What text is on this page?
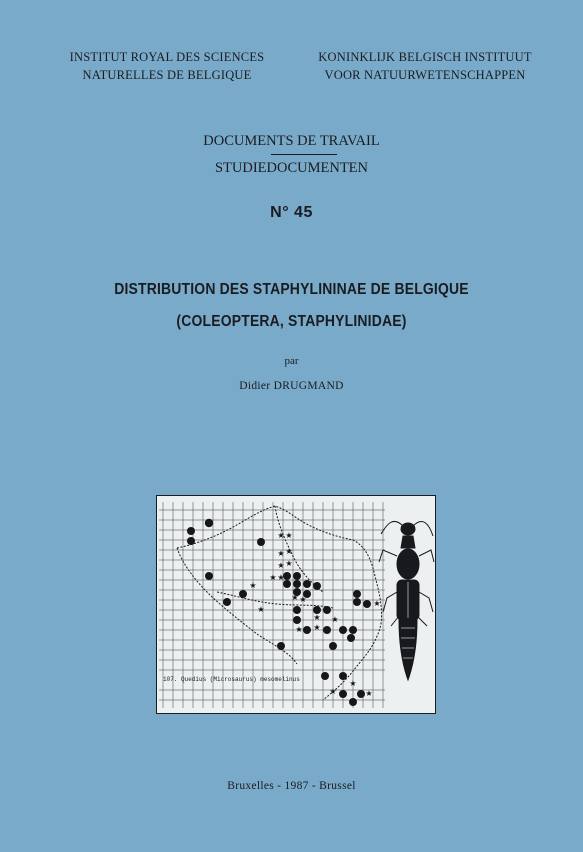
INSTITUT ROYAL DES SCIENCES
NATURELLES DE BELGIQUE
KONINKLIJK BELGISCH INSTITUUT
VOOR NATUURWETENSCHAPPEN
DOCUMENTS DE TRAVAIL
STUDIEDOCUMENTEN
N° 45
DISTRIBUTION DES STAPHYLININAE DE BELGIQUE
(COLEOPTERA, STAPHYLINIDAE)
par
Didier DRUGMAND
★ ★
★ ★
★ ★
★ ★
★ ★
★
★ ★
★
★
★
★
★
★
★
107. Quedius (Microsaurus) mesomelinus
Bruxelles - 1987 - Brussel
